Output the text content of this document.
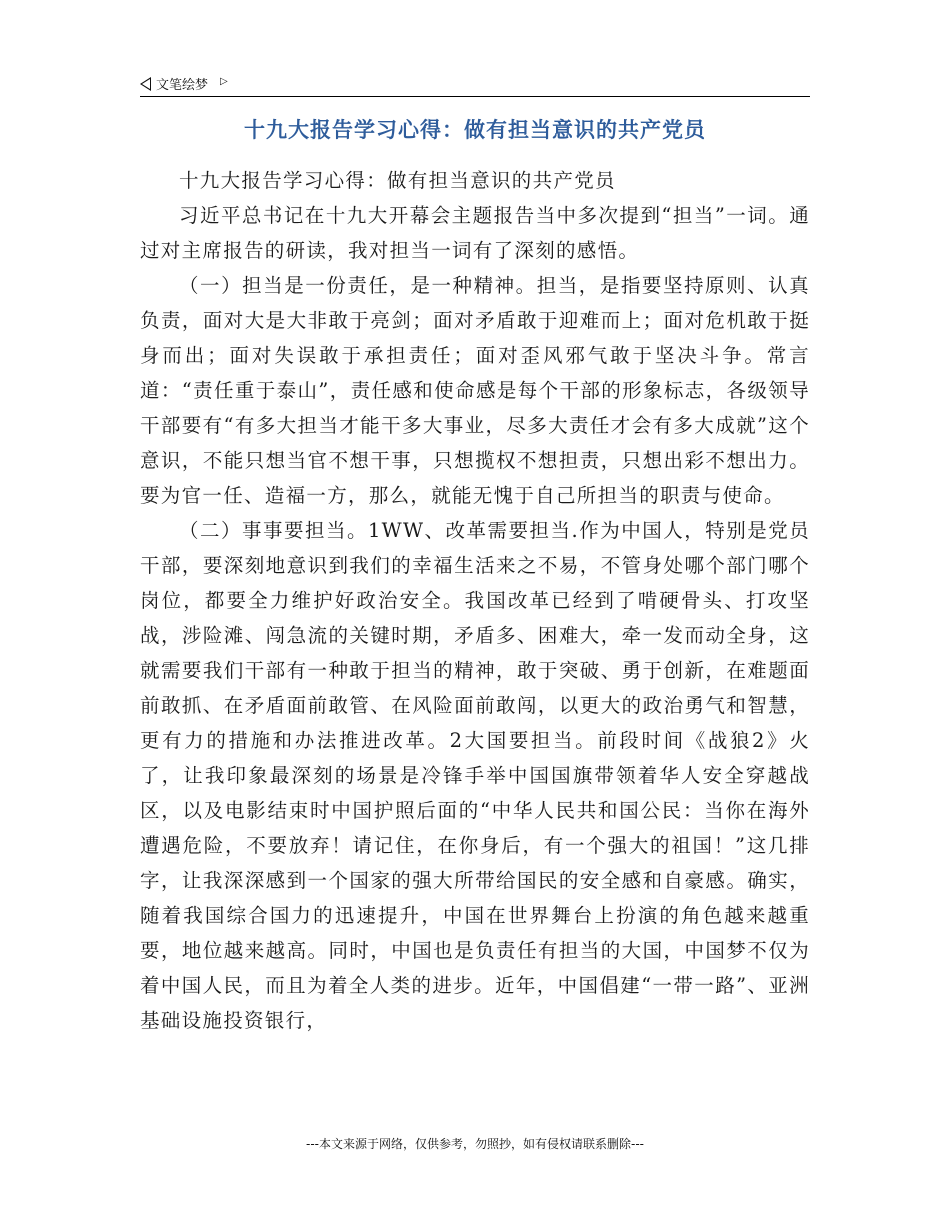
文笔绘梦 ▷
十九大报告学习心得：做有担当意识的共产党员

十九大报告学习心得：做有担当意识的共产党员

习近平总书记在十九大开幕会主题报告当中多次提到“担当”一词。通过对主席报告的研读，我对担当一词有了深刻的感悟。

（一）担当是一份责任，是一种精神。担当，是指要坚持原则、认真负责，面对大是大非敢于亮剑；面对矛盾敢于迎难而上；面对危机敢于挺身而出；面对失误敢于承担责任；面对歪风邪气敢于坚决斗争。常言道：“责任重于泰山”，责任感和使命感是每个干部的形象标志，各级领导干部要有“有多大担当才能干多大事业，尽多大责任才会有多大成就”这个意识，不能只想当官不想干事，只想揽权不想担责，只想出彩不想出力。要为官一任、造福一方，那么，就能无愧于自己所担当的职责与使命。

（二）事事要担当。1WW、改革需要担当.作为中国人，特别是党员干部，要深刻地意识到我们的幸福生活来之不易，不管身处哪个部门哪个岗位，都要全力维护好政治安全。我国改革已经到了啃硬骨头、打攻坚战，涉险滩、闯急流的关键时期，矛盾多、困难大，牵一发而动全身，这就需要我们干部有一种敢于担当的精神，敢于突破、勇于创新，在难题面前敢抓、在矛盾面前敢管、在风险面前敢闯，以更大的政治勇气和智慧，更有力的措施和办法推进改革。2大国要担当。前段时间《战狼2》火了，让我印象最深刻的场景是冷锋手举中国国旗带领着华人安全穿越战区，以及电影结束时中国护照后面的“中华人民共和国公民：当你在海外遭遇危险，不要放弃！请记住，在你身后，有一个强大的祖国！”这几排字，让我深深感到一个国家的强大所带给国民的安全感和自豪感。确实，随着我国综合国力的迅速提升，中国在世界舞台上扮演的角色越来越重要，地位越来越高。同时，中国也是负责任有担当的大国，中国梦不仅为着中国人民，而且为着全人类的进步。近年，中国倡建“一带一路”、亚洲基础设施投资银行，

---本文来源于网络，仅供参考，勿照抄，如有侵权请联系删除---
